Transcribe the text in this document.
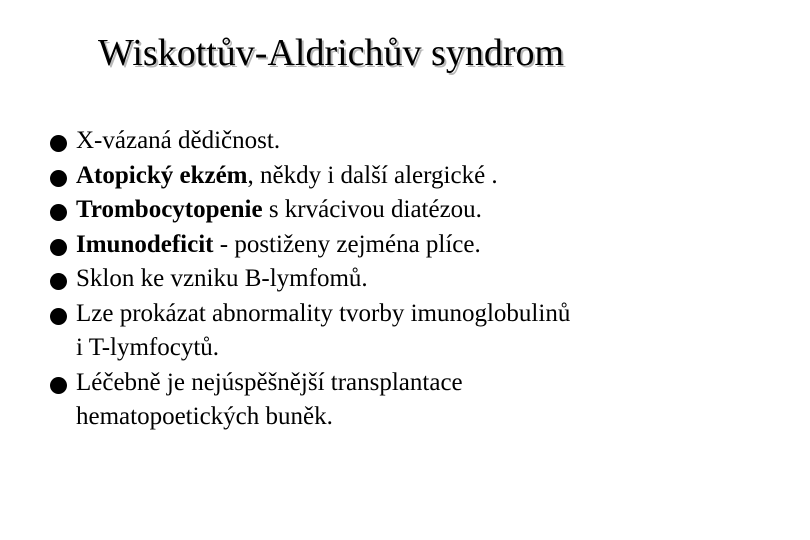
Wiskottův-Aldrichův syndrom
X-vázaná dědičnost.
Atopický ekzém, někdy i další alergické .
Trombocytopenie s krvácivou diatézou.
Imunodeficit - postiženy zejména plíce.
Sklon ke vzniku B-lymfomů.
Lze prokázat abnormality tvorby imunoglobulinů
i T-lymfocytů.
Léčebně je nejúspěšnější transplantace
hematopoetických buněk.
